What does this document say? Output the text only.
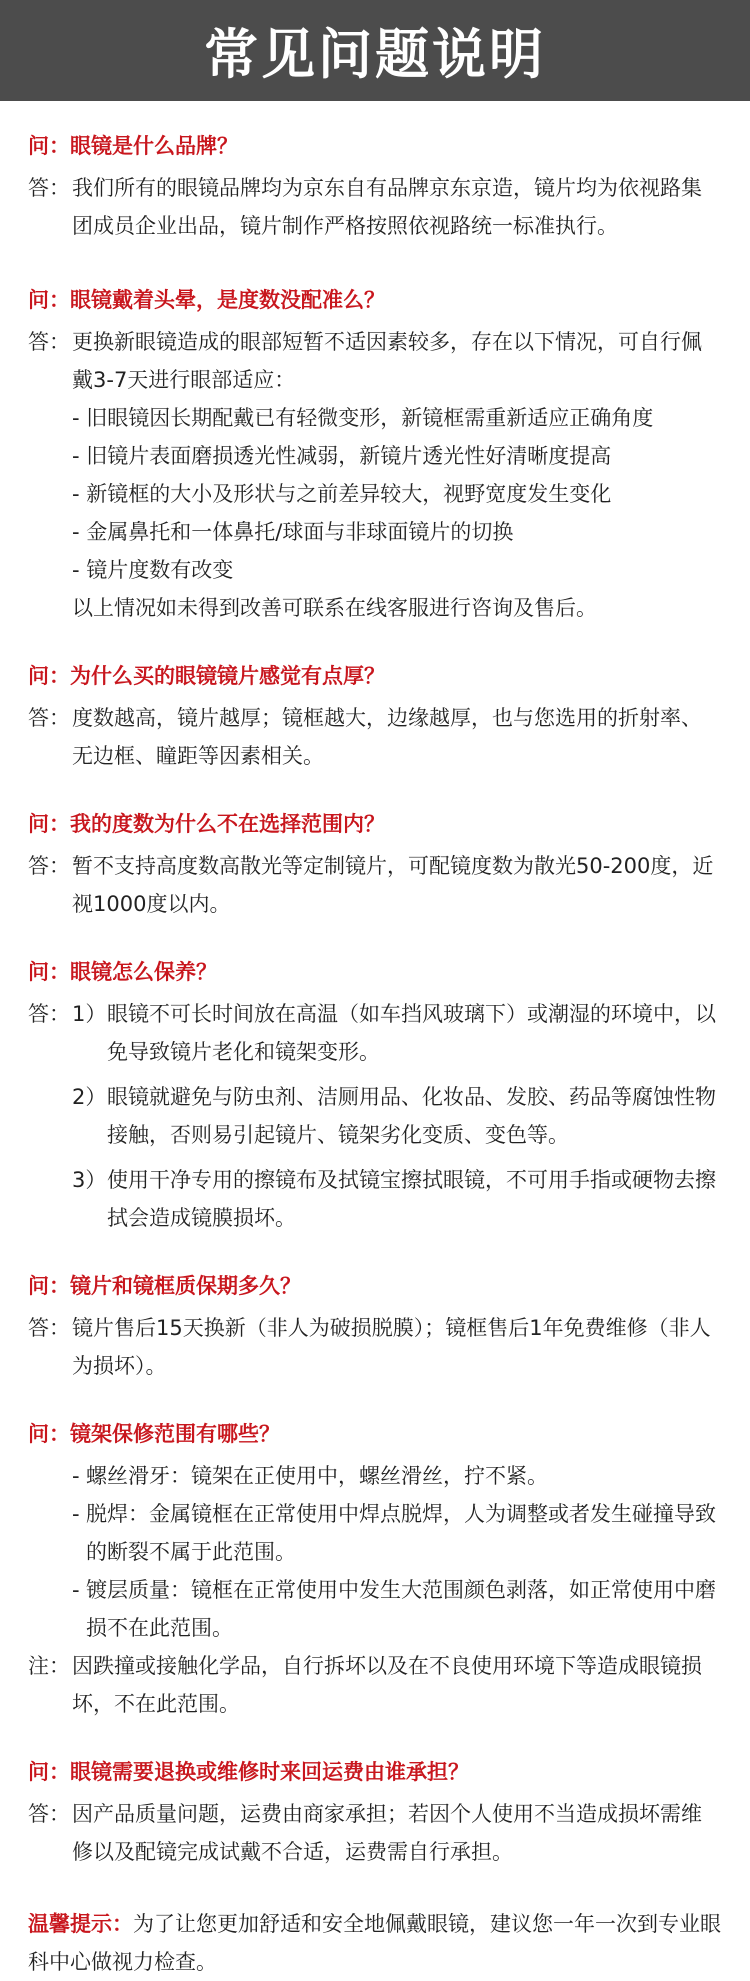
常见问题说明
问：眼镜是什么品牌？
答： 我们所有的眼镜品牌均为京东自有品牌京东京造，镜片均为依视路集团成员企业出品，镜片制作严格按照依视路统一标准执行。
问：眼镜戴着头晕，是度数没配准么？
答： 更换新眼镜造成的眼部短暂不适因素较多，存在以下情况，可自行佩戴3-7天进行眼部适应：
- 旧眼镜因长期配戴已有轻微变形，新镜框需重新适应正确角度
- 旧镜片表面磨损透光性减弱，新镜片透光性好清晰度提高
- 新镜框的大小及形状与之前差异较大，视野宽度发生变化
- 金属鼻托和一体鼻托/球面与非球面镜片的切换
- 镜片度数有改变
以上情况如未得到改善可联系在线客服进行咨询及售后。
问：为什么买的眼镜镜片感觉有点厚？
答： 度数越高，镜片越厚；镜框越大，边缘越厚，也与您选用的折射率、无边框、瞳距等因素相关。
问：我的度数为什么不在选择范围内？
答： 暂不支持高度数高散光等定制镜片，可配镜度数为散光50-200度，近视1000度以内。
问：眼镜怎么保养？
答： 1） 眼镜不可长时间放在高温（如车挡风玻璃下）或潮湿的环境中，以免导致镜片老化和镜架变形。
2） 眼镜就避免与防虫剂、洁厕用品、化妆品、发胶、药品等腐蚀性物接触，否则易引起镜片、镜架劣化变质、变色等。
3） 使用干净专用的擦镜布及拭镜宝擦拭眼镜，不可用手指或硬物去擦拭会造成镜膜损坏。
问：镜片和镜框质保期多久？
答： 镜片售后15天换新（非人为破损脱膜）；镜框售后1年免费维修（非人为损坏）。
问：镜架保修范围有哪些？
- 螺丝滑牙：镜架在正使用中，螺丝滑丝，拧不紧。
- 脱焊：金属镜框在正常使用中焊点脱焊，人为调整或者发生碰撞导致的断裂不属于此范围。
- 镀层质量：镜框在正常使用中发生大范围颜色剥落，如正常使用中磨损不在此范围。
注： 因跌撞或接触化学品，自行拆坏以及在不良使用环境下等造成眼镜损坏，不在此范围。
问：眼镜需要退换或维修时来回运费由谁承担？
答： 因产品质量问题，运费由商家承担；若因个人使用不当造成损坏需维修以及配镜完成试戴不合适，运费需自行承担。
温馨提示：为了让您更加舒适和安全地佩戴眼镜，建议您一年一次到专业眼科中心做视力检查。
